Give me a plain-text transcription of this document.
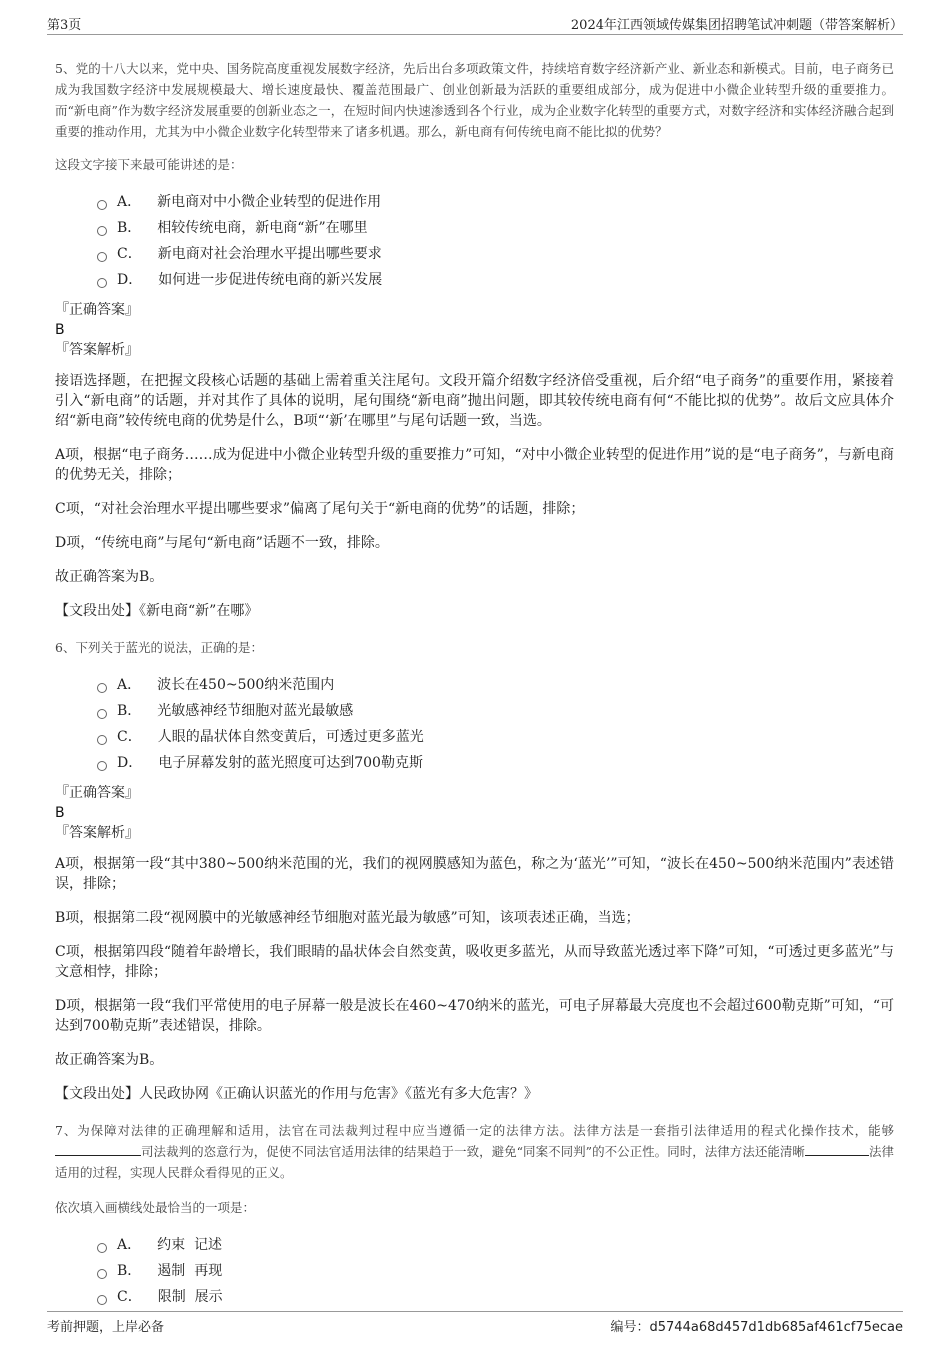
第3页	2024年江西领域传媒集团招聘笔试冲刺题（带答案解析）
5、党的十八大以来，党中央、国务院高度重视发展数字经济，先后出台多项政策文件，持续培育数字经济新产业、新业态和新模式。目前，电子商务已成为我国数字经济中发展规模最大、增长速度最快、覆盖范围最广、创业创新最为活跃的重要组成部分，成为促进中小微企业转型升级的重要推力。而“新电商”作为数字经济发展重要的创新业态之一，在短时间内快速渗透到各个行业，成为企业数字化转型的重要方式，对数字经济和实体经济融合起到重要的推动作用，尤其为中小微企业数字化转型带来了诸多机遇。那么，新电商有何传统电商不能比拟的优势？
这段文字接下来最可能讲述的是：
A． 新电商对中小微企业转型的促进作用
B． 相较传统电商，新电商“新”在哪里
C． 新电商对社会治理水平提出哪些要求
D． 如何进一步促进传统电商的新兴发展
『正确答案』
B
『答案解析』
接语选择题，在把握文段核心话题的基础上需着重关注尾句。文段开篇介绍数字经济倍受重视，后介绍“电子商务”的重要作用，紧接着引入“新电商”的话题，并对其作了具体的说明，尾句围绕“新电商”抛出问题，即其较传统电商有何“不能比拟的优势”。故后文应具体介绍“新电商”较传统电商的优势是什么，B项“‘新’在哪里”与尾句话题一致，当选。
A项，根据“电子商务……成为促进中小微企业转型升级的重要推力”可知，“对中小微企业转型的促进作用”说的是“电子商务”，与新电商的优势无关，排除；
C项，“对社会治理水平提出哪些要求”偏离了尾句关于“新电商的优势”的话题，排除；
D项，“传统电商”与尾句“新电商”话题不一致，排除。
故正确答案为B。
【文段出处】《新电商“新”在哪》
6、下列关于蓝光的说法，正确的是：
A． 波长在450~500纳米范围内
B． 光敏感神经节细胞对蓝光最敏感
C． 人眼的晶状体自然变黄后，可透过更多蓝光
D． 电子屏幕发射的蓝光照度可达到700勒克斯
『正确答案』
B
『答案解析』
A项，根据第一段“其中380~500纳米范围的光，我们的视网膜感知为蓝色，称之为‘蓝光’”可知，“波长在450~500纳米范围内”表述错误，排除；
B项，根据第二段“视网膜中的光敏感神经节细胞对蓝光最为敏感”可知，该项表述正确，当选；
C项，根据第四段“随着年龄增长，我们眼睛的晶状体会自然变黄，吸收更多蓝光，从而导致蓝光透过率下降”可知，“可透过更多蓝光”与文意相悖，排除；
D项，根据第一段“我们平常使用的电子屏幕一般是波长在460~470纳米的蓝光，可电子屏幕最大亮度也不会超过600勒克斯”可知，“可达到700勒克斯”表述错误，排除。
故正确答案为B。
【文段出处】人民政协网《正确认识蓝光的作用与危害》《蓝光有多大危害？》
7、为保障对法律的正确理解和适用，法官在司法裁判过程中应当遵循一定的法律方法。法律方法是一套指引法律适用的程式化操作技术，能够司法裁判的恣意行为，促使不同法官适用法律的结果趋于一致，避免“同案不同判”的不公正性。同时，法律方法还能清晰	法律适用的过程，实现人民群众看得见的正义。
依次填入画横线处最恰当的一项是：
A． 约束  记述
B． 遏制  再现
C． 限制  展示
考前押题，上岸必备	编号：d5744a68d457d1db685af461cf75ecae
